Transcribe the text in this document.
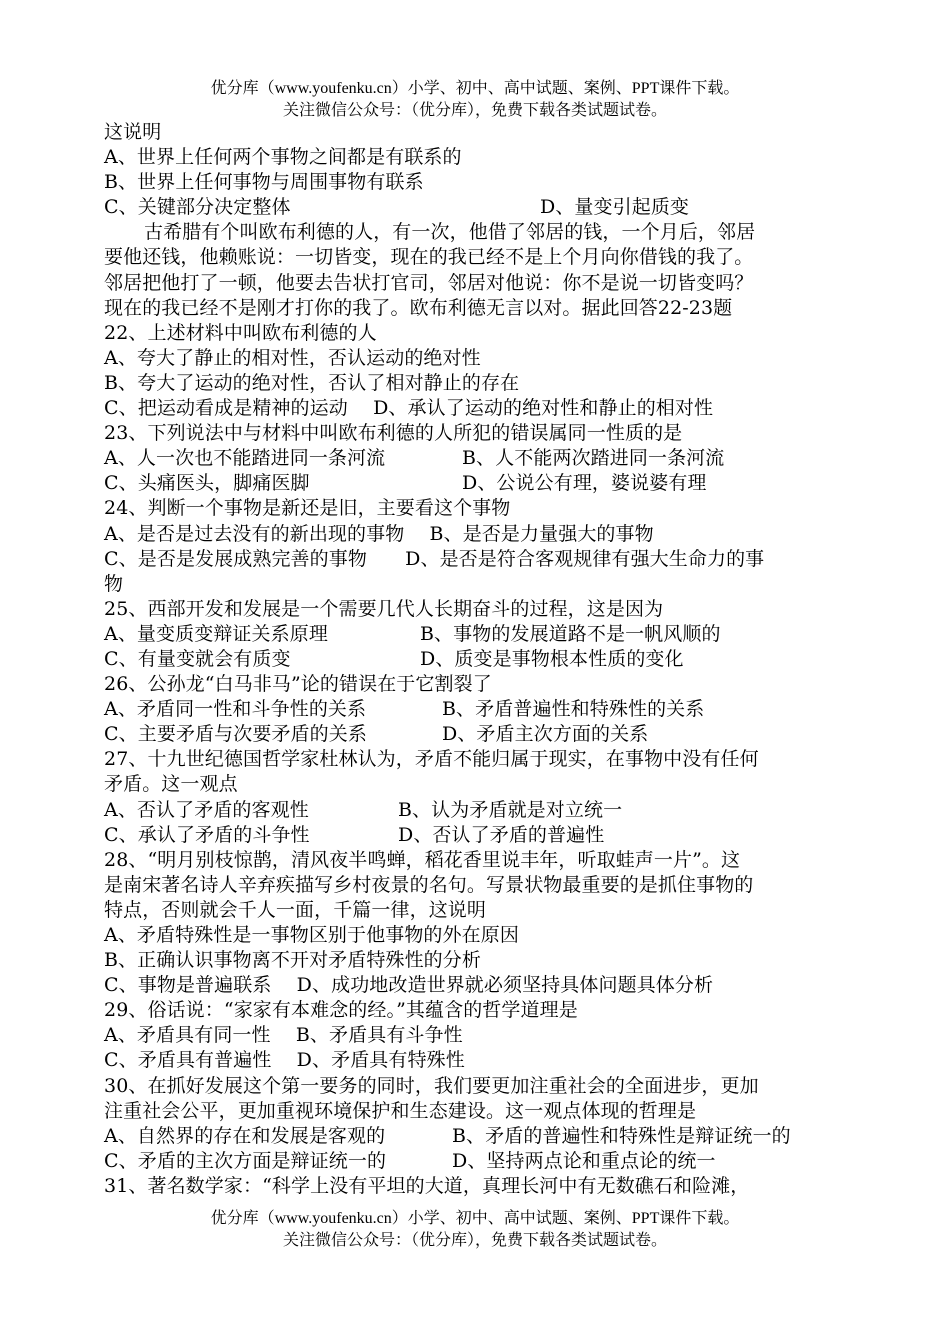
优分库（www.youfenku.cn）小学、初中、高中试题、案例、PPT课件下载。
关注微信公众号：（优分库），免费下载各类试题试卷。
这说明
A、世界上任何两个事物之间都是有联系的
B、世界上任何事物与周围事物有联系
C、关键部分决定整体	D、量变引起质变
古希腊有个叫欧布利德的人，有一次，他借了邻居的钱，一个月后，邻居
要他还钱，他赖账说：一切皆变，现在的我已经不是上个月向你借钱的我了。
邻居把他打了一顿，他要去告状打官司，邻居对他说：你不是说一切皆变吗？
现在的我已经不是刚才打你的我了。欧布利德无言以对。据此回答22-23题
22、上述材料中叫欧布利德的人
A、夸大了静止的相对性，否认运动的绝对性
B、夸大了运动的绝对性，否认了相对静止的存在
C、把运动看成是精神的运动　 D、承认了运动的绝对性和静止的相对性
23、下列说法中与材料中叫欧布利德的人所犯的错误属同一性质的是
A、人一次也不能踏进同一条河流	B、人不能两次踏进同一条河流
C、头痛医头，脚痛医脚	D、公说公有理，婆说婆有理
24、判断一个事物是新还是旧，主要看这个事物
A、是否是过去没有的新出现的事物　 B、是否是力量强大的事物
C、是否是发展成熟完善的事物　　D、是否是符合客观规律有强大生命力的事
物
25、西部开发和发展是一个需要几代人长期奋斗的过程，这是因为
A、量变质变辩证关系原理	B、事物的发展道路不是一帆风顺的
C、有量变就会有质变	D、质变是事物根本性质的变化
26、公孙龙“白马非马”论的错误在于它割裂了
A、矛盾同一性和斗争性的关系	B、矛盾普遍性和特殊性的关系
C、主要矛盾与次要矛盾的关系	D、矛盾主次方面的关系
27、十九世纪德国哲学家杜林认为，矛盾不能归属于现实，在事物中没有任何
矛盾。这一观点
A、否认了矛盾的客观性	B、认为矛盾就是对立统一
C、承认了矛盾的斗争性	D、否认了矛盾的普遍性
28、“明月别枝惊鹊，清风夜半鸣蝉，稻花香里说丰年，听取蛙声一片”。这
是南宋著名诗人辛弃疾描写乡村夜景的名句。写景状物最重要的是抓住事物的
特点，否则就会千人一面，千篇一律，这说明
A、矛盾特殊性是一事物区别于他事物的外在原因
B、正确认识事物离不开对矛盾特殊性的分析
C、事物是普遍联系　 D、成功地改造世界就必须坚持具体问题具体分析
29、俗话说：“家家有本难念的经。”其蕴含的哲学道理是
A、矛盾具有同一性　 B、矛盾具有斗争性
C、矛盾具有普遍性　 D、矛盾具有特殊性
30、在抓好发展这个第一要务的同时，我们要更加注重社会的全面进步，更加
注重社会公平，更加重视环境保护和生态建设。这一观点体现的哲理是
A、自然界的存在和发展是客观的	B、矛盾的普遍性和特殊性是辩证统一的
C、矛盾的主次方面是辩证统一的	D、坚持两点论和重点论的统一
31、著名数学家：“科学上没有平坦的大道，真理长河中有无数礁石和险滩，
优分库（www.youfenku.cn）小学、初中、高中试题、案例、PPT课件下载。
关注微信公众号：（优分库），免费下载各类试题试卷。
